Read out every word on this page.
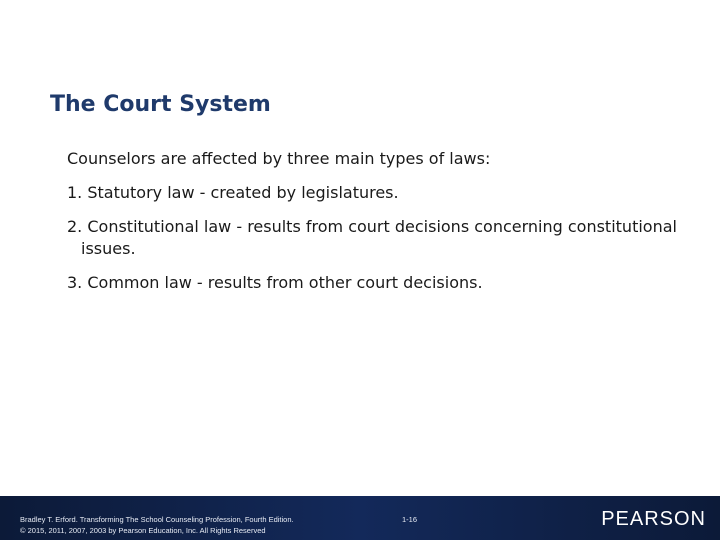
The Court System

Counselors are affected by three main types of laws:

1. Statutory law - created by legislatures.

2. Constitutional law - results from court decisions concerning constitutional issues.

3. Common law - results from other court decisions.

Bradley T. Erford. Transforming The School Counseling Profession, Fourth Edition.
© 2015, 2011, 2007, 2003 by Pearson Education, Inc. All Rights Reserved
1-16	PEARSON
